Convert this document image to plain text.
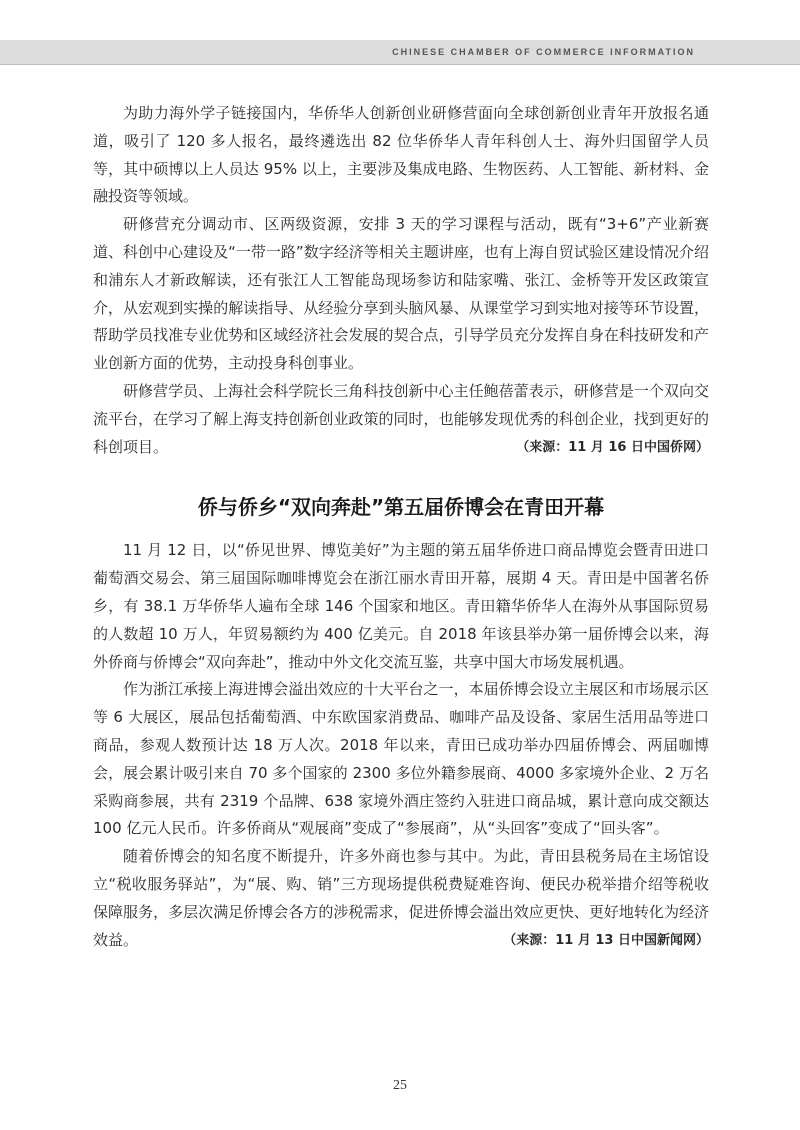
CHINESE CHAMBER OF COMMERCE INFORMATION

为助力海外学子链接国内，华侨华人创新创业研修营面向全球创新创业青年开放报名通道，吸引了 120 多人报名，最终遴选出 82 位华侨华人青年科创人士、海外归国留学人员等，其中硕博以上人员达 95% 以上，主要涉及集成电路、生物医药、人工智能、新材料、金融投资等领域。

研修营充分调动市、区两级资源，安排 3 天的学习课程与活动，既有“3+6”产业新赛道、科创中心建设及“一带一路”数字经济等相关主题讲座，也有上海自贸试验区建设情况介绍和浦东人才新政解读，还有张江人工智能岛现场参访和陆家嘴、张江、金桥等开发区政策宣介，从宏观到实操的解读指导、从经验分享到头脑风暴、从课堂学习到实地对接等环节设置，帮助学员找准专业优势和区域经济社会发展的契合点，引导学员充分发挥自身在科技研发和产业创新方面的优势，主动投身科创事业。

研修营学员、上海社会科学院长三角科技创新中心主任鲍蓓蕾表示，研修营是一个双向交流平台，在学习了解上海支持创新创业政策的同时，也能够发现优秀的科创企业，找到更好的科创项目。	（来源：11 月 16 日中国侨网）

侨与侨乡“双向奔赴”第五届侨博会在青田开幕

11 月 12 日，以“侨见世界、博览美好”为主题的第五届华侨进口商品博览会暨青田进口葡萄酒交易会、第三届国际咖啡博览会在浙江丽水青田开幕，展期 4 天。青田是中国著名侨乡，有 38.1 万华侨华人遍布全球 146 个国家和地区。青田籍华侨华人在海外从事国际贸易的人数超 10 万人，年贸易额约为 400 亿美元。自 2018 年该县举办第一届侨博会以来，海外侨商与侨博会“双向奔赴”，推动中外文化交流互鉴，共享中国大市场发展机遇。

作为浙江承接上海进博会溢出效应的十大平台之一，本届侨博会设立主展区和市场展示区等 6 大展区，展品包括葡萄酒、中东欧国家消费品、咖啡产品及设备、家居生活用品等进口商品，参观人数预计达 18 万人次。2018 年以来，青田已成功举办四届侨博会、两届咖博会，展会累计吸引来自 70 多个国家的 2300 多位外籍参展商、4000 多家境外企业、2 万名采购商参展，共有 2319 个品牌、638 家境外酒庄签约入驻进口商品城，累计意向成交额达 100 亿元人民币。许多侨商从“观展商”变成了“参展商”，从“头回客”变成了“回头客”。

随着侨博会的知名度不断提升，许多外商也参与其中。为此，青田县税务局在主场馆设立“税收服务驿站”，为“展、购、销”三方现场提供税费疑难咨询、便民办税举措介绍等税收保障服务，多层次满足侨博会各方的涉税需求，促进侨博会溢出效应更快、更好地转化为经济效益。	（来源：11 月 13 日中国新闻网）

25
